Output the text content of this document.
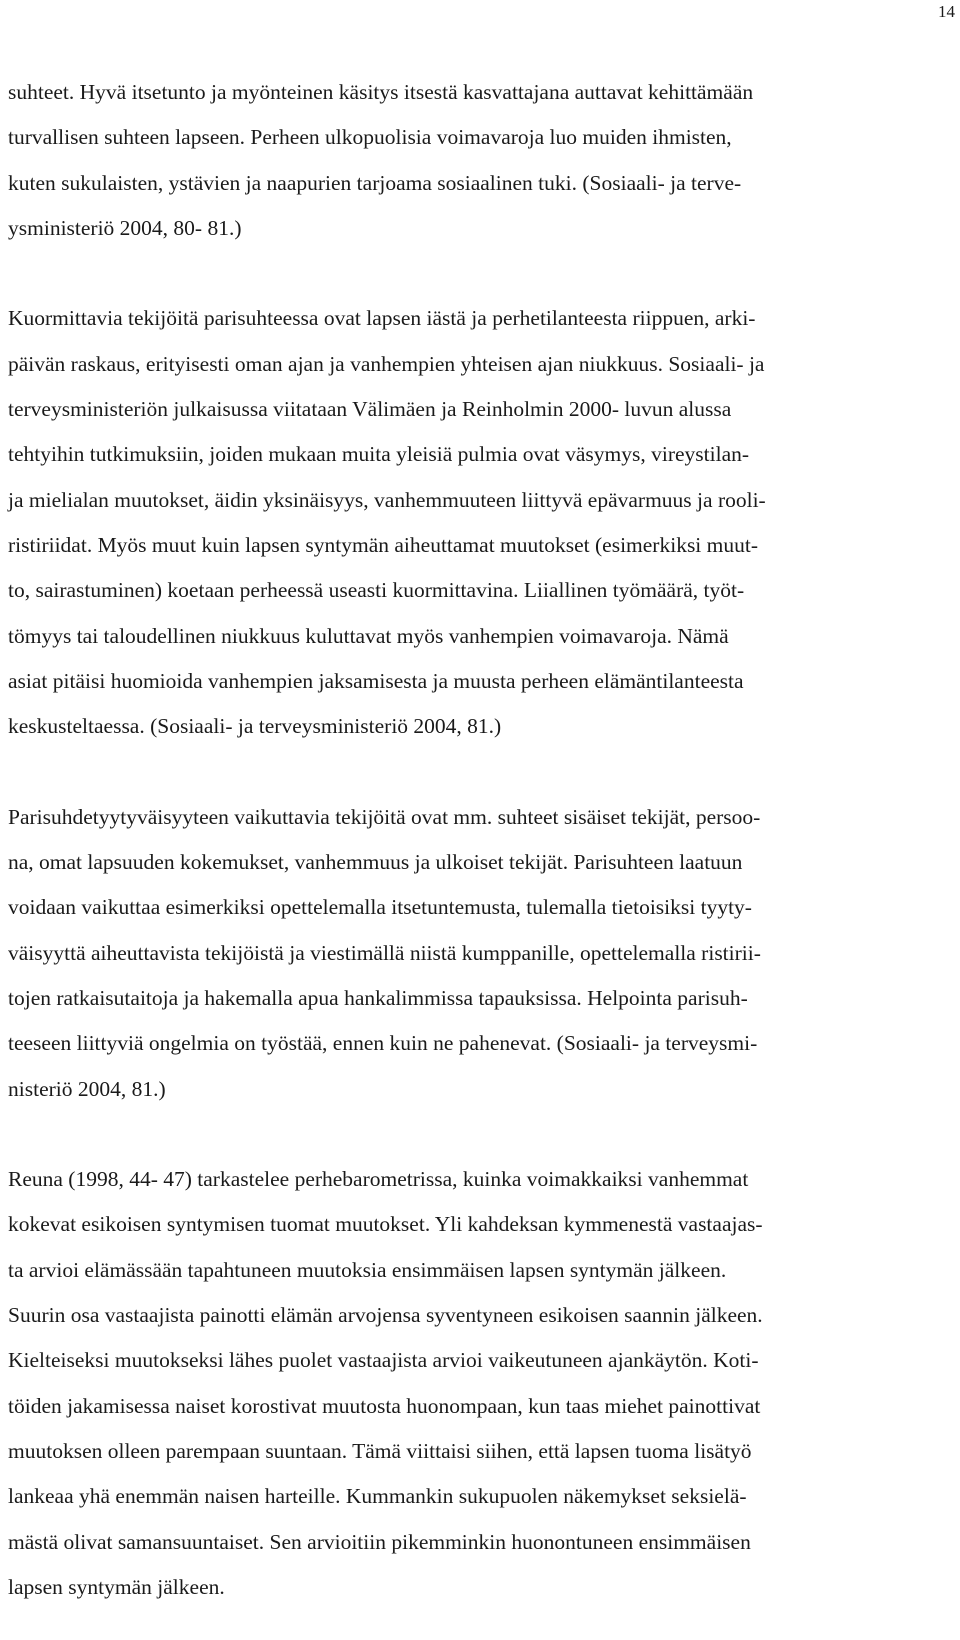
14
suhteet. Hyvä itsetunto ja myönteinen käsitys itsestä kasvattajana auttavat kehittämään
turvallisen suhteen lapseen. Perheen ulkopuolisia voimavaroja luo muiden ihmisten,
kuten sukulaisten, ystävien ja naapurien tarjoama sosiaalinen tuki. (Sosiaali- ja terve-
ysministeriö 2004, 80- 81.)
Kuormittavia tekijöitä parisuhteessa ovat lapsen iästä ja perhetilanteesta riippuen, arki-
päivän raskaus, erityisesti oman ajan ja vanhempien yhteisen ajan niukkuus. Sosiaali- ja
terveysministeriön julkaisussa viitataan Välimäen ja Reinholmin 2000- luvun alussa
tehtyihin tutkimuksiin, joiden mukaan muita yleisiä pulmia ovat väsymys, vireystilan-
ja mielialan muutokset, äidin yksinäisyys, vanhemmuuteen liittyvä epävarmuus ja rooli-
ristiriidat. Myös muut kuin lapsen syntymän aiheuttamat muutokset (esimerkiksi muut-
to, sairastuminen) koetaan perheessä useasti kuormittavina. Liiallinen työmäärä, työt-
tömyys tai taloudellinen niukkuus kuluttavat myös vanhempien voimavaroja. Nämä
asiat pitäisi huomioida vanhempien jaksamisesta ja muusta perheen elämäntilanteesta
keskusteltaessa. (Sosiaali- ja terveysministeriö 2004, 81.)
Parisuhdetyytyväisyyteen vaikuttavia tekijöitä ovat mm. suhteet sisäiset tekijät, persoo-
na, omat lapsuuden kokemukset, vanhemmuus ja ulkoiset tekijät. Parisuhteen laatuun
voidaan vaikuttaa esimerkiksi opettelemalla itsetuntemusta, tulemalla tietoisiksi tyyty-
väisyyttä aiheuttavista tekijöistä ja viestimällä niistä kumppanille, opettelemalla ristirii-
tojen ratkaisutaitoja ja hakemalla apua hankalimmissa tapauksissa. Helpointa parisuh-
teeseen liittyviä ongelmia on työstää, ennen kuin ne pahenevat. (Sosiaali- ja terveysmi-
nisteriö 2004, 81.)
Reuna (1998, 44- 47) tarkastelee perhebarometrissa, kuinka voimakkaiksi vanhemmat
kokevat esikoisen syntymisen tuomat muutokset. Yli kahdeksan kymmenestä vastaajas-
ta arvioi elämässään tapahtuneen muutoksia ensimmäisen lapsen syntymän jälkeen.
Suurin osa vastaajista painotti elämän arvojensa syventyneen esikoisen saannin jälkeen.
Kielteiseksi muutokseksi lähes puolet vastaajista arvioi vaikeutuneen ajankäytön. Koti-
töiden jakamisessa naiset korostivat muutosta huonompaan, kun taas miehet painottivat
muutoksen olleen parempaan suuntaan. Tämä viittaisi siihen, että lapsen tuoma lisätyö
lankeaa yhä enemmän naisen harteille. Kummankin sukupuolen näkemykset seksielä-
mästä olivat samansuuntaiset. Sen arvioitiin pikemminkin huonontuneen ensimmäisen
lapsen syntymän jälkeen.
